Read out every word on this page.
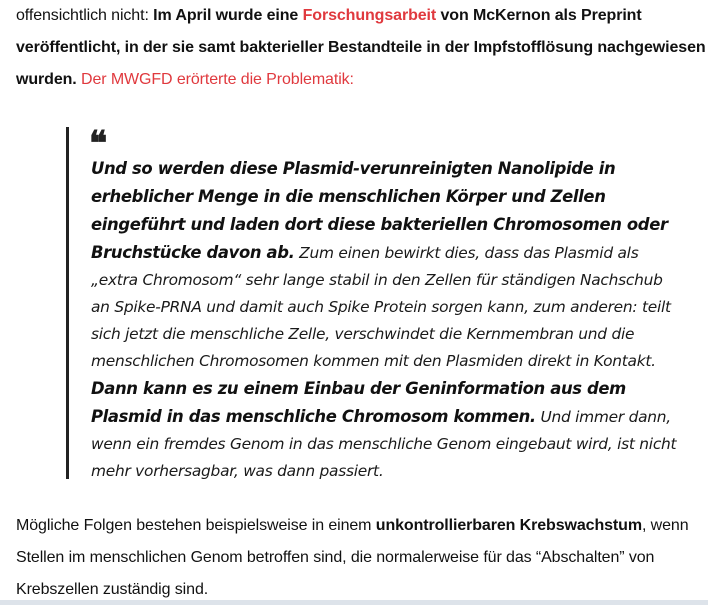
offensichtlich nicht: Im April wurde eine Forschungsarbeit von McKernon als Preprint veröffentlicht, in der sie samt bakterieller Bestandteile in der Impfstofflösung nachgewiesen wurden. Der MWGFD erörterte die Problematik:

❝

Und so werden diese Plasmid-verunreinigten Nanolipide in erheblicher Menge in die menschlichen Körper und Zellen eingeführt und laden dort diese bakteriellen Chromosomen oder Bruchstücke davon ab. Zum einen bewirkt dies, dass das Plasmid als „extra Chromosom“ sehr lange stabil in den Zellen für ständigen Nachschub an Spike-PRNA und damit auch Spike Protein sorgen kann, zum anderen: teilt sich jetzt die menschliche Zelle, verschwindet die Kernmembran und die menschlichen Chromosomen kommen mit den Plasmiden direkt in Kontakt. Dann kann es zu einem Einbau der Geninformation aus dem Plasmid in das menschliche Chromosom kommen. Und immer dann, wenn ein fremdes Genom in das menschliche Genom eingebaut wird, ist nicht mehr vorhersagbar, was dann passiert.

Mögliche Folgen bestehen beispielsweise in einem unkontrollierbaren Krebswachstum, wenn Stellen im menschlichen Genom betroffen sind, die normalerweise für das “Abschalten” von Krebszellen zuständig sind.
